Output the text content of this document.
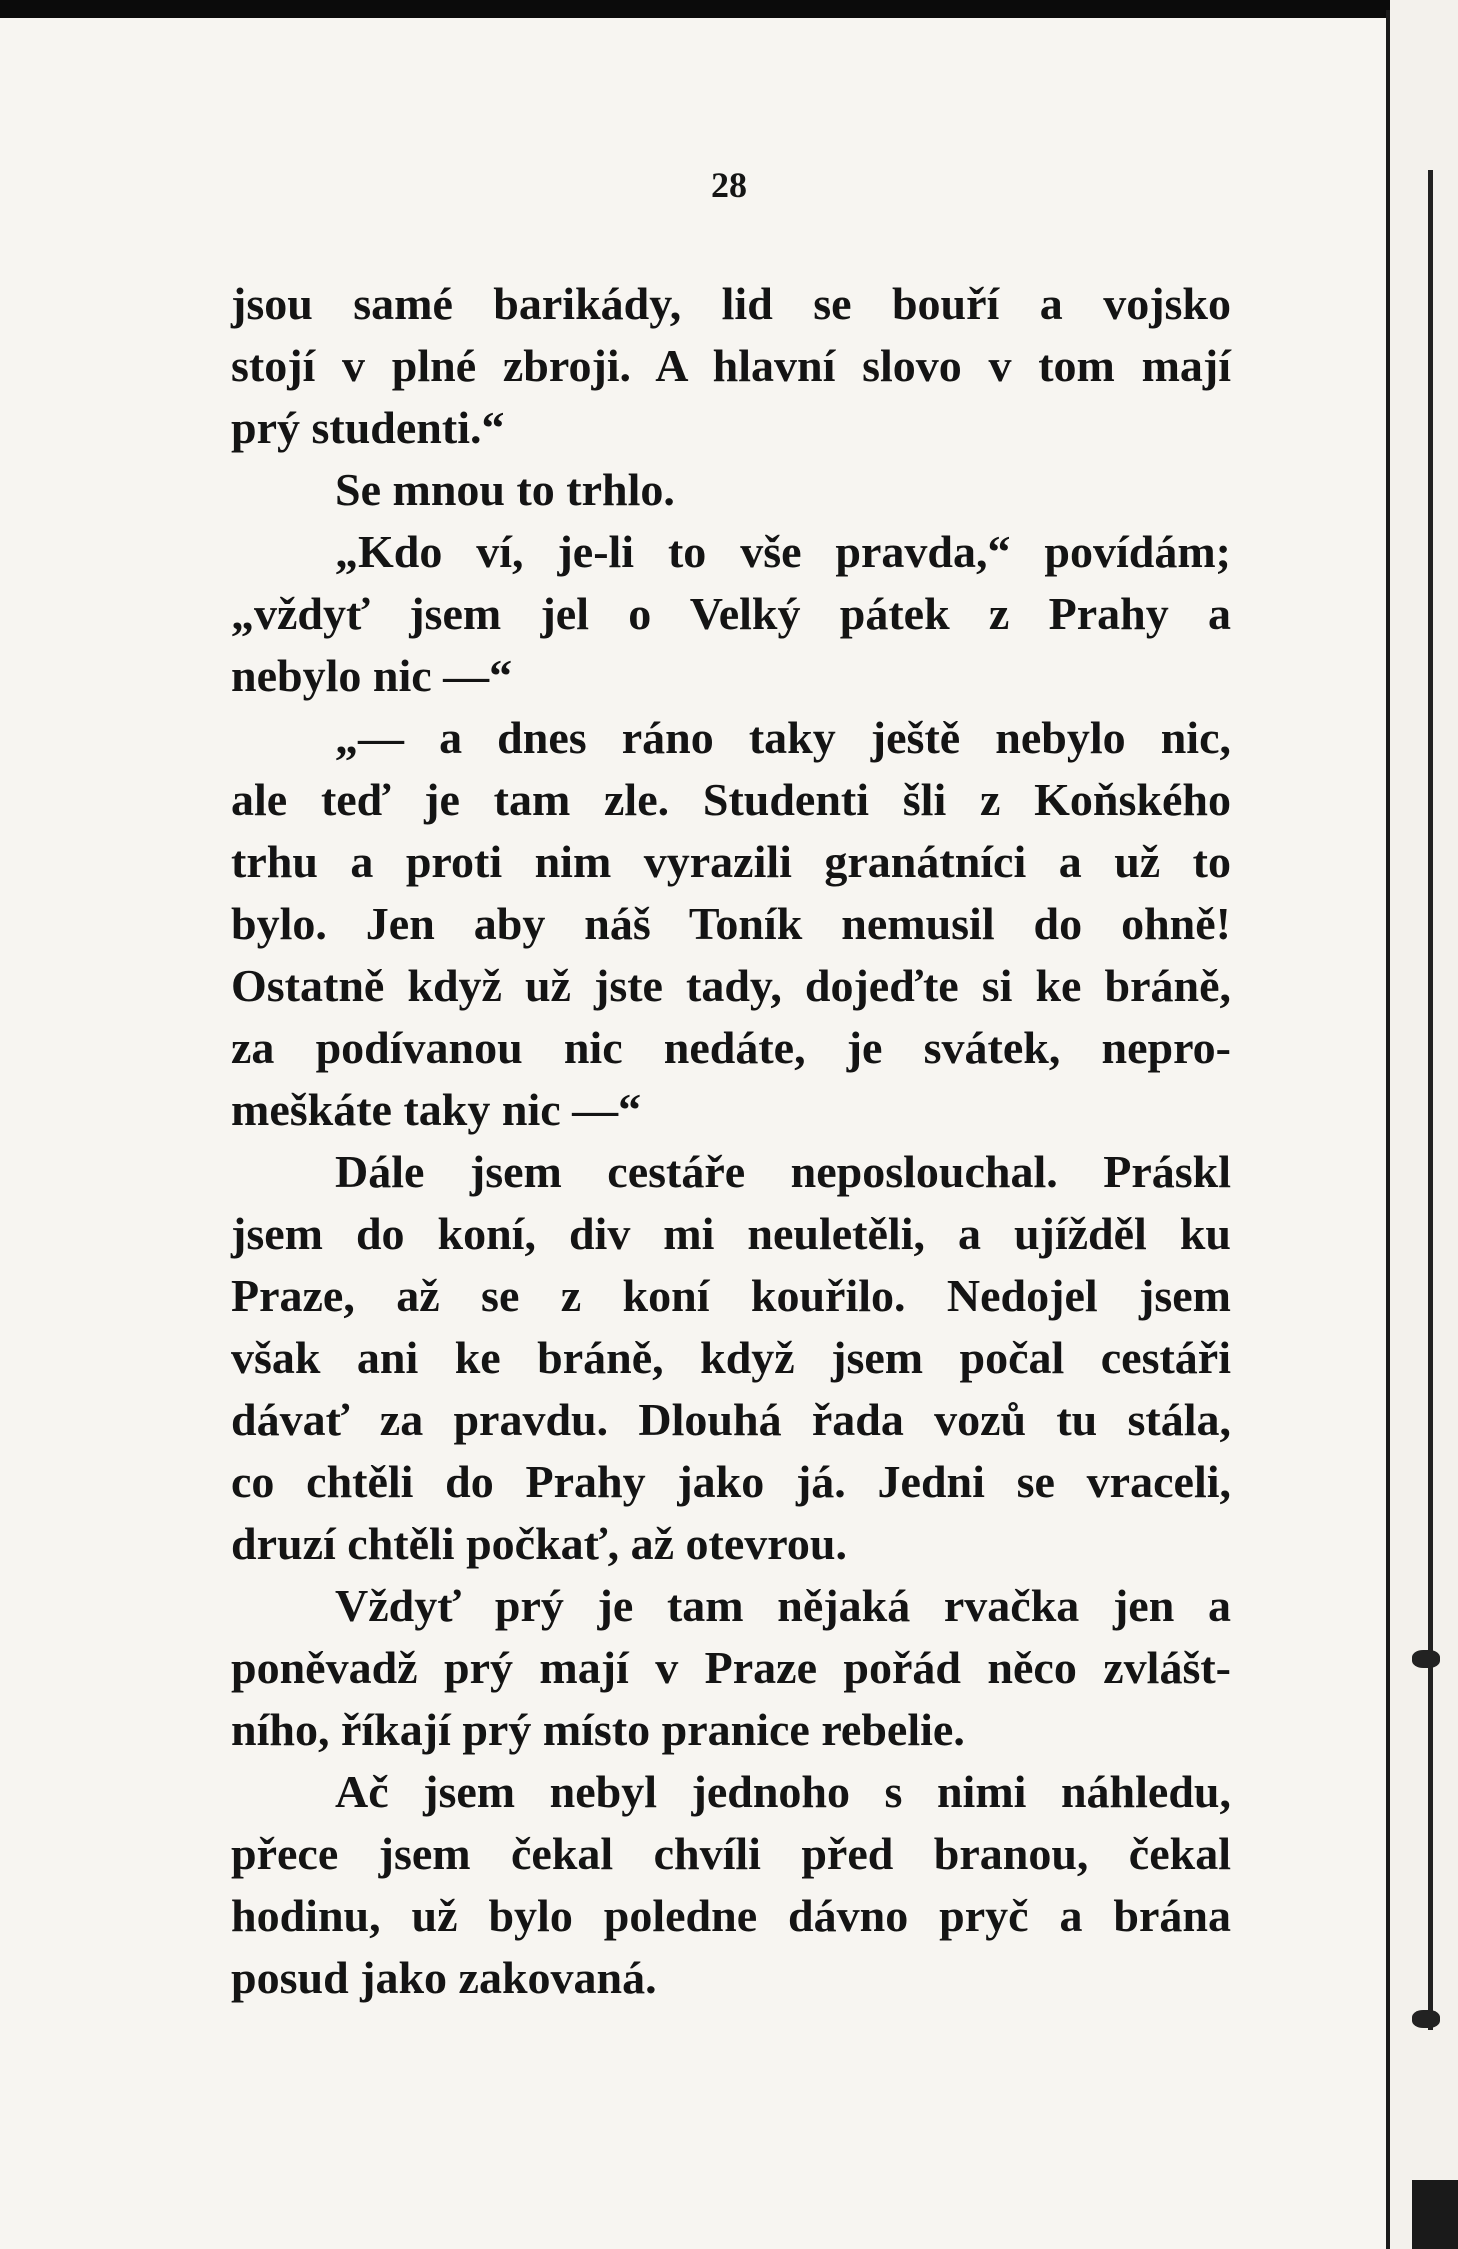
28
jsou samé barikády, lid se bouří a vojsko
stojí v plné zbroji. A hlavní slovo v tom mají
prý studenti.“
Se mnou to trhlo.
„Kdo ví, je-li to vše pravda,“ povídám;
„vždyť jsem jel o Velký pátek z Prahy a
nebylo nic —“
„— a dnes ráno taky ještě nebylo nic,
ale teď je tam zle. Studenti šli z Koňského
trhu a proti nim vyrazili granátníci a už to
bylo. Jen aby náš Toník nemusil do ohně!
Ostatně když už jste tady, dojeďte si ke bráně,
za podívanou nic nedáte, je svátek, nepro-
meškáte taky nic —“
Dále jsem cestáře neposlouchal. Práskl
jsem do koní, div mi neuletěli, a ujížděl ku
Praze, až se z koní kouřilo. Nedojel jsem
však ani ke bráně, když jsem počal cestáři
dávať za pravdu. Dlouhá řada vozů tu stála,
co chtěli do Prahy jako já. Jedni se vraceli,
druzí chtěli počkať, až otevrou.
Vždyť prý je tam nějaká rvačka jen a
poněvadž prý mají v Praze pořád něco zvlášt-
ního, říkají prý místo pranice rebelie.
Ač jsem nebyl jednoho s nimi náhledu,
přece jsem čekal chvíli před branou, čekal
hodinu, už bylo poledne dávno pryč a brána
posud jako zakovaná.
